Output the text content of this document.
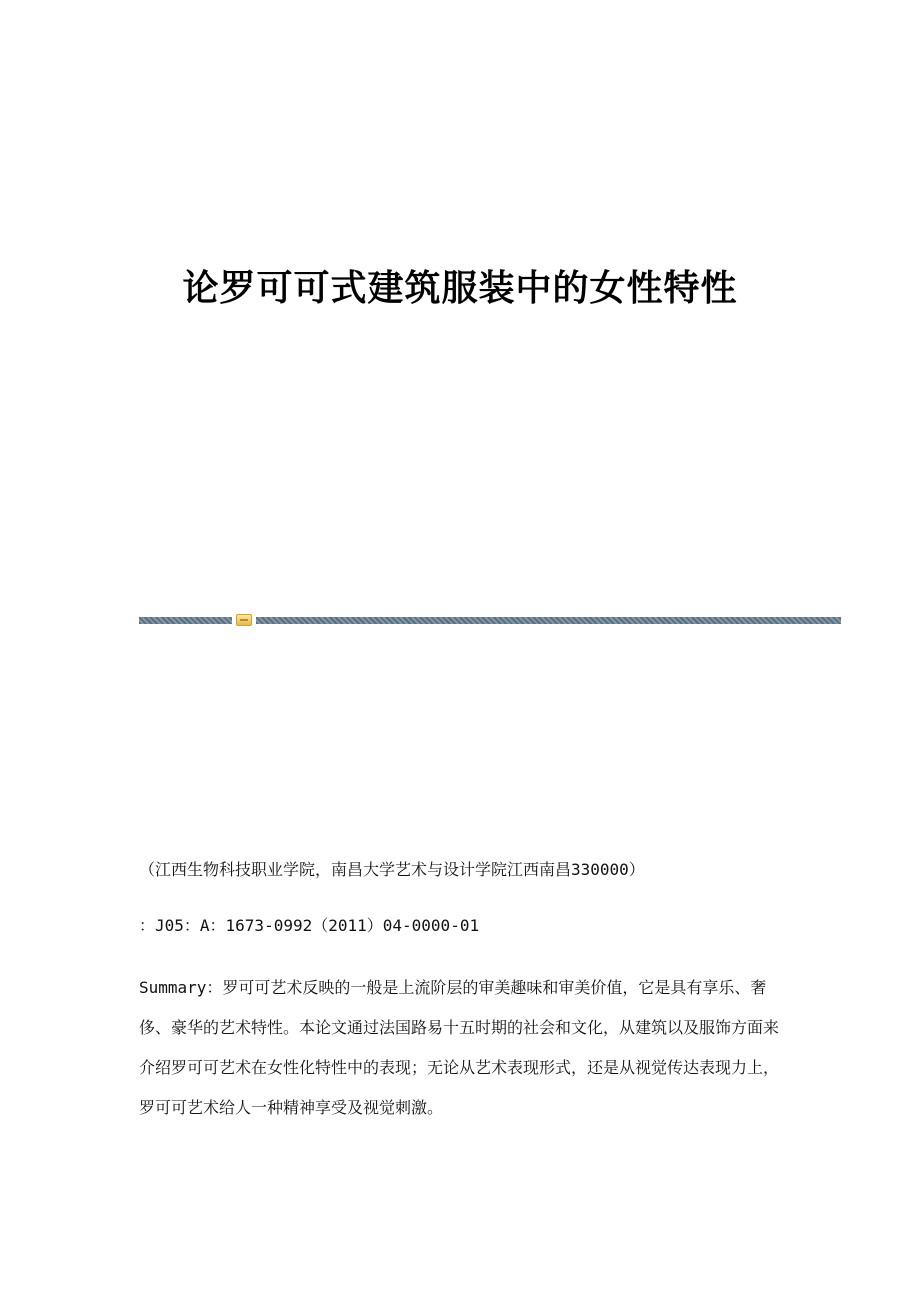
论罗可可式建筑服装中的女性特性
（江西生物科技职业学院，南昌大学艺术与设计学院江西南昌330000）
：J05：A：1673-0992（2011）04-0000-01
Summary：罗可可艺术反映的一般是上流阶层的审美趣味和审美价值，它是具有享乐、奢侈、豪华的艺术特性。本论文通过法国路易十五时期的社会和文化，从建筑以及服饰方面来介绍罗可可艺术在女性化特性中的表现；无论从艺术表现形式，还是从视觉传达表现力上，罗可可艺术给人一种精神享受及视觉刺激。
